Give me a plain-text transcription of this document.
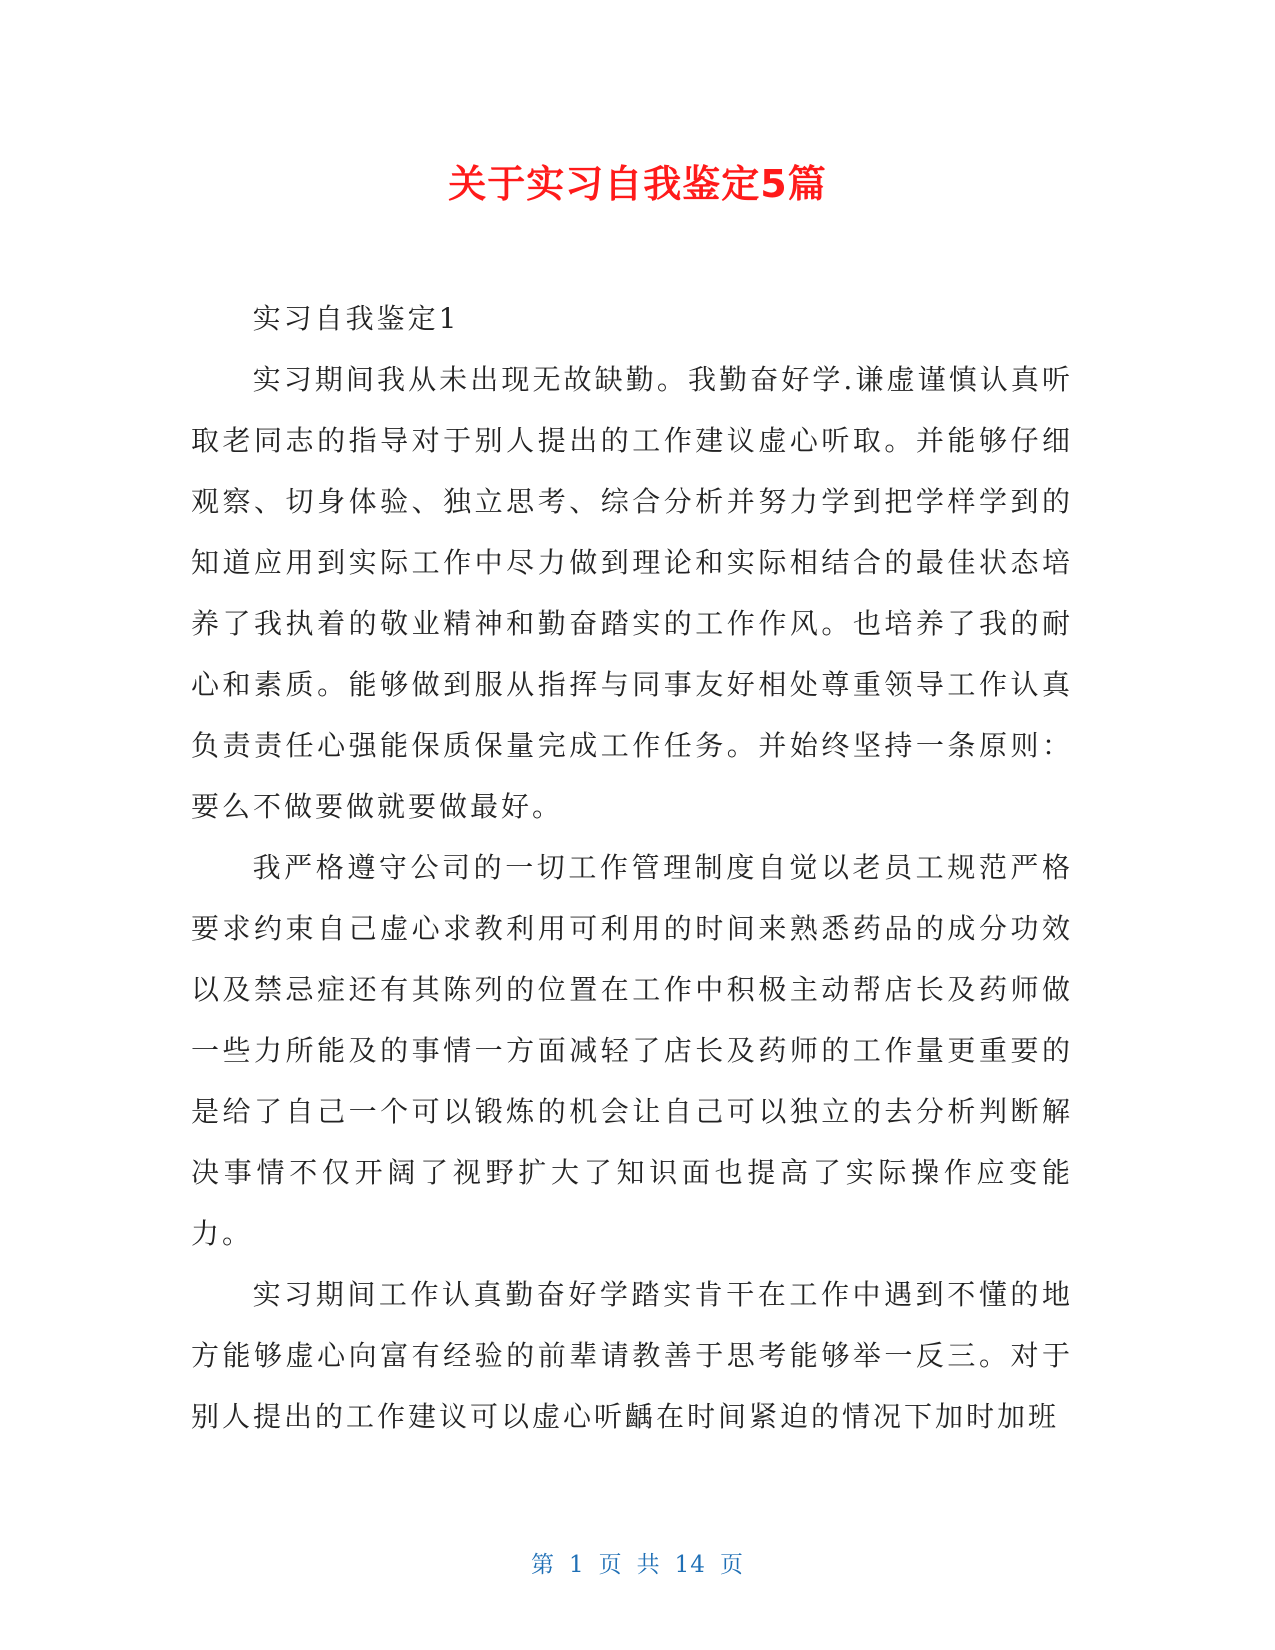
关于实习自我鉴定5篇

实习自我鉴定1

实习期间我从未出现无故缺勤。我勤奋好学.谦虚谨慎认真听取老同志的指导对于别人提出的工作建议虚心听取。并能够仔细观察、切身体验、独立思考、综合分析并努力学到把学样学到的知道应用到实际工作中尽力做到理论和实际相结合的最佳状态培养了我执着的敬业精神和勤奋踏实的工作作风。也培养了我的耐心和素质。能够做到服从指挥与同事友好相处尊重领导工作认真负责责任心强能保质保量完成工作任务。并始终坚持一条原则：要么不做要做就要做最好。

我严格遵守公司的一切工作管理制度自觉以老员工规范严格要求约束自己虚心求教利用可利用的时间来熟悉药品的成分功效以及禁忌症还有其陈列的位置在工作中积极主动帮店长及药师做一些力所能及的事情一方面减轻了店长及药师的工作量更重要的是给了自己一个可以锻炼的机会让自己可以独立的去分析判断解决事情不仅开阔了视野扩大了知识面也提高了实际操作应变能力。

实习期间工作认真勤奋好学踏实肯干在工作中遇到不懂的地方能够虚心向富有经验的前辈请教善于思考能够举一反三。对于别人提出的工作建议可以虚心听齲在时间紧迫的情况下加时加班

第 1 页 共 14 页
